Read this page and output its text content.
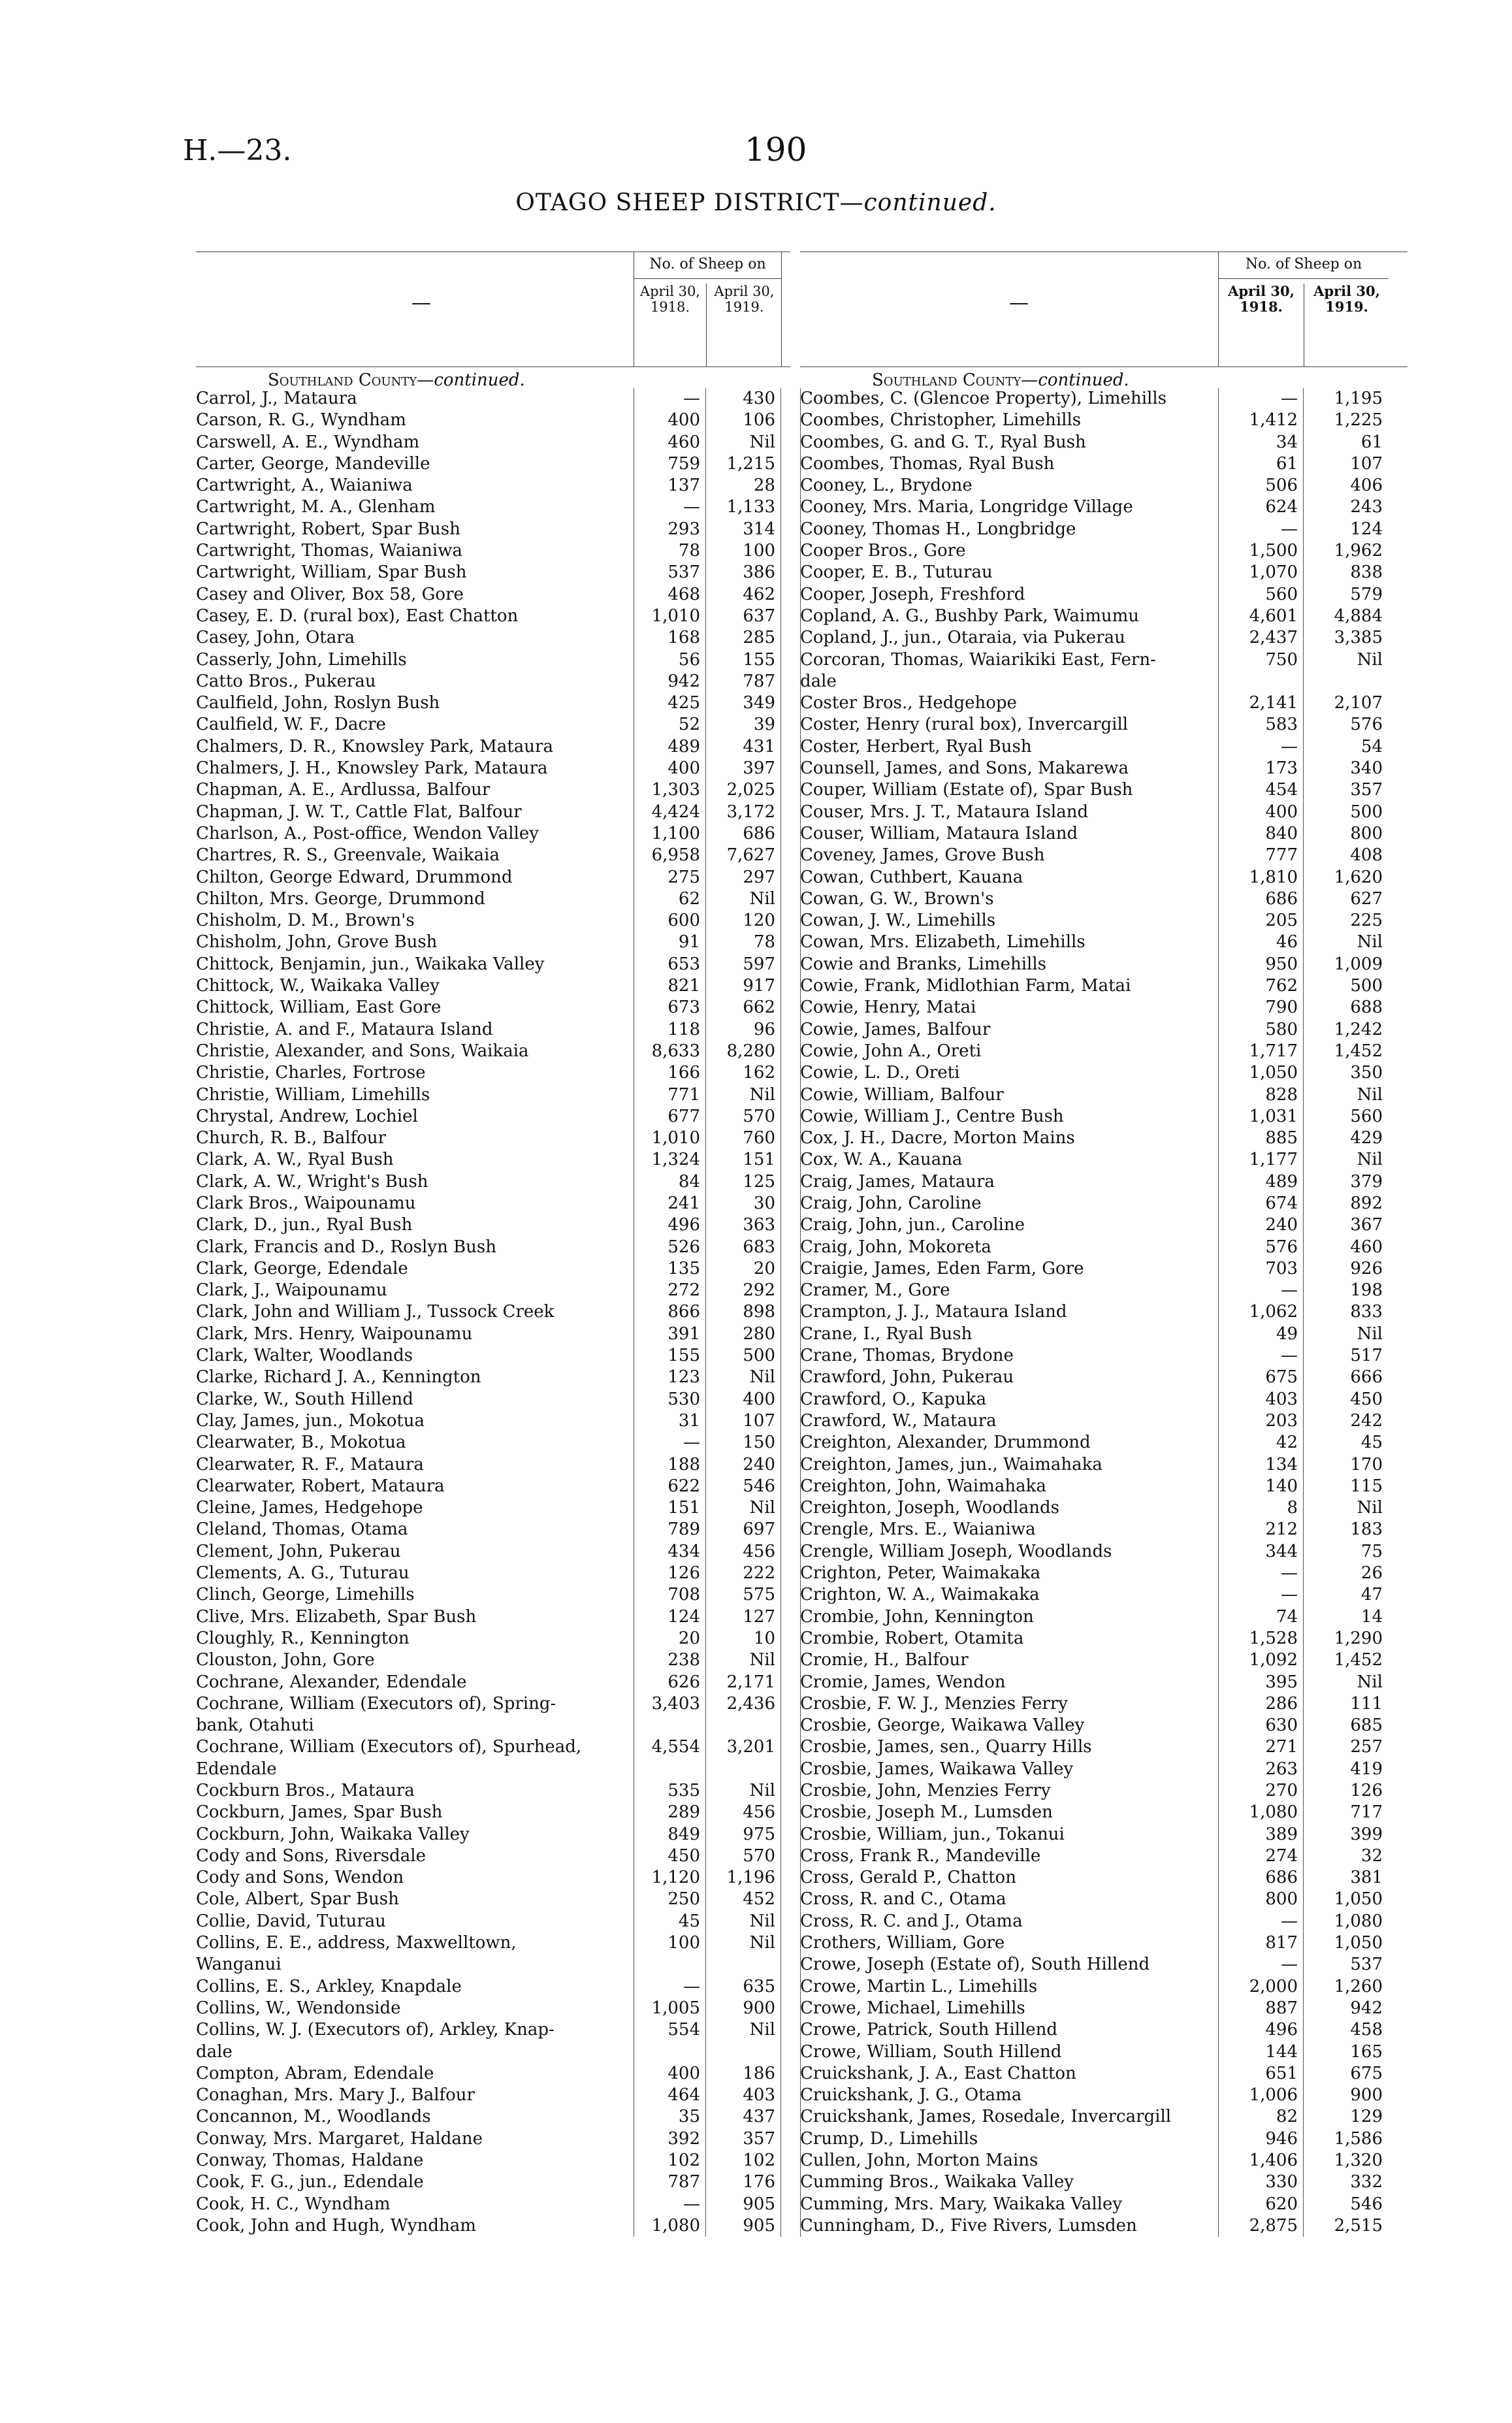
H.—23.	190
OTAGO SHEEP DISTRICT—continued.
—
No. of Sheep on
April 30, 1918.
April 30, 1919.
Southland County—continued.
Carrol, J., Mataura	—	430
Carson, R. G., Wyndham	400	106
Carswell, A. E., Wyndham	460	Nil
Carter, George, Mandeville	759	1,215
Cartwright, A., Waianiwa	137	28
Cartwright, M. A., Glenham	—	1,133
Cartwright, Robert, Spar Bush	293	314
Cartwright, Thomas, Waianiwa	78	100
Cartwright, William, Spar Bush	537	386
Casey and Oliver, Box 58, Gore	468	462
Casey, E. D. (rural box), East Chatton	1,010	637
Casey, John, Otara	168	285
Casserly, John, Limehills	56	155
Catto Bros., Pukerau	942	787
Caulfield, John, Roslyn Bush	425	349
Caulfield, W. F., Dacre	52	39
Chalmers, D. R., Knowsley Park, Mataura	489	431
Chalmers, J. H., Knowsley Park, Mataura	400	397
Chapman, A. E., Ardlussa, Balfour	1,303	2,025
Chapman, J. W. T., Cattle Flat, Balfour	4,424	3,172
Charlson, A., Post-office, Wendon Valley	1,100	686
Chartres, R. S., Greenvale, Waikaia	6,958	7,627
Chilton, George Edward, Drummond	275	297
Chilton, Mrs. George, Drummond	62	Nil
Chisholm, D. M., Brown's	600	120
Chisholm, John, Grove Bush	91	78
Chittock, Benjamin, jun., Waikaka Valley	653	597
Chittock, W., Waikaka Valley	821	917
Chittock, William, East Gore	673	662
Christie, A. and F., Mataura Island	118	96
Christie, Alexander, and Sons, Waikaia	8,633	8,280
Christie, Charles, Fortrose	166	162
Christie, William, Limehills	771	Nil
Chrystal, Andrew, Lochiel	677	570
Church, R. B., Balfour	1,010	760
Clark, A. W., Ryal Bush	1,324	151
Clark, A. W., Wright's Bush	84	125
Clark Bros., Waipounamu	241	30
Clark, D., jun., Ryal Bush	496	363
Clark, Francis and D., Roslyn Bush	526	683
Clark, George, Edendale	135	20
Clark, J., Waipounamu	272	292
Clark, John and William J., Tussock Creek	866	898
Clark, Mrs. Henry, Waipounamu	391	280
Clark, Walter, Woodlands	155	500
Clarke, Richard J. A., Kennington	123	Nil
Clarke, W., South Hillend	530	400
Clay, James, jun., Mokotua	31	107
Clearwater, B., Mokotua	—	150
Clearwater, R. F., Mataura	188	240
Clearwater, Robert, Mataura	622	546
Cleine, James, Hedgehope	151	Nil
Cleland, Thomas, Otama	789	697
Clement, John, Pukerau	434	456
Clements, A. G., Tuturau	126	222
Clinch, George, Limehills	708	575
Clive, Mrs. Elizabeth, Spar Bush	124	127
Cloughly, R., Kennington	20	10
Clouston, John, Gore	238	Nil
Cochrane, Alexander, Edendale	626	2,171
Cochrane, William (Executors of), Spring-	3,403	2,436
bank, Otahuti
Cochrane, William (Executors of), Spurhead,	4,554	3,201
Edendale
Cockburn Bros., Mataura	535	Nil
Cockburn, James, Spar Bush	289	456
Cockburn, John, Waikaka Valley	849	975
Cody and Sons, Riversdale	450	570
Cody and Sons, Wendon	1,120	1,196
Cole, Albert, Spar Bush	250	452
Collie, David, Tuturau	45	Nil
Collins, E. E., address, Maxwelltown,	100	Nil
Wanganui
Collins, E. S., Arkley, Knapdale	—	635
Collins, W., Wendonside	1,005	900
Collins, W. J. (Executors of), Arkley, Knap-	554	Nil
dale
Compton, Abram, Edendale	400	186
Conaghan, Mrs. Mary J., Balfour	464	403
Concannon, M., Woodlands	35	437
Conway, Mrs. Margaret, Haldane	392	357
Conway, Thomas, Haldane	102	102
Cook, F. G., jun., Edendale	787	176
Cook, H. C., Wyndham	—	905
Cook, John and Hugh, Wyndham	1,080	905
—
No. of Sheep on
April 30, 1918.
April 30, 1919.
Southland County—continued.
Coombes, C. (Glencoe Property), Limehills	—	1,195
Coombes, Christopher, Limehills	1,412	1,225
Coombes, G. and G. T., Ryal Bush	34	61
Coombes, Thomas, Ryal Bush	61	107
Cooney, L., Brydone	506	406
Cooney, Mrs. Maria, Longridge Village	624	243
Cooney, Thomas H., Longbridge	—	124
Cooper Bros., Gore	1,500	1,962
Cooper, E. B., Tuturau	1,070	838
Cooper, Joseph, Freshford	560	579
Copland, A. G., Bushby Park, Waimumu	4,601	4,884
Copland, J., jun., Otaraia, via Pukerau	2,437	3,385
Corcoran, Thomas, Waiarikiki East, Fern-	750	Nil
dale
Coster Bros., Hedgehope	2,141	2,107
Coster, Henry (rural box), Invercargill	583	576
Coster, Herbert, Ryal Bush	—	54
Counsell, James, and Sons, Makarewa	173	340
Couper, William (Estate of), Spar Bush	454	357
Couser, Mrs. J. T., Mataura Island	400	500
Couser, William, Mataura Island	840	800
Coveney, James, Grove Bush	777	408
Cowan, Cuthbert, Kauana	1,810	1,620
Cowan, G. W., Brown's	686	627
Cowan, J. W., Limehills	205	225
Cowan, Mrs. Elizabeth, Limehills	46	Nil
Cowie and Branks, Limehills	950	1,009
Cowie, Frank, Midlothian Farm, Matai	762	500
Cowie, Henry, Matai	790	688
Cowie, James, Balfour	580	1,242
Cowie, John A., Oreti	1,717	1,452
Cowie, L. D., Oreti	1,050	350
Cowie, William, Balfour	828	Nil
Cowie, William J., Centre Bush	1,031	560
Cox, J. H., Dacre, Morton Mains	885	429
Cox, W. A., Kauana	1,177	Nil
Craig, James, Mataura	489	379
Craig, John, Caroline	674	892
Craig, John, jun., Caroline	240	367
Craig, John, Mokoreta	576	460
Craigie, James, Eden Farm, Gore	703	926
Cramer, M., Gore	—	198
Crampton, J. J., Mataura Island	1,062	833
Crane, I., Ryal Bush	49	Nil
Crane, Thomas, Brydone	—	517
Crawford, John, Pukerau	675	666
Crawford, O., Kapuka	403	450
Crawford, W., Mataura	203	242
Creighton, Alexander, Drummond	42	45
Creighton, James, jun., Waimahaka	134	170
Creighton, John, Waimahaka	140	115
Creighton, Joseph, Woodlands	8	Nil
Crengle, Mrs. E., Waianiwa	212	183
Crengle, William Joseph, Woodlands	344	75
Crighton, Peter, Waimakaka	—	26
Crighton, W. A., Waimakaka	—	47
Crombie, John, Kennington	74	14
Crombie, Robert, Otamita	1,528	1,290
Cromie, H., Balfour	1,092	1,452
Cromie, James, Wendon	395	Nil
Crosbie, F. W. J., Menzies Ferry	286	111
Crosbie, George, Waikawa Valley	630	685
Crosbie, James, sen., Quarry Hills	271	257
Crosbie, James, Waikawa Valley	263	419
Crosbie, John, Menzies Ferry	270	126
Crosbie, Joseph M., Lumsden	1,080	717
Crosbie, William, jun., Tokanui	389	399
Cross, Frank R., Mandeville	274	32
Cross, Gerald P., Chatton	686	381
Cross, R. and C., Otama	800	1,050
Cross, R. C. and J., Otama	—	1,080
Crothers, William, Gore	817	1,050
Crowe, Joseph (Estate of), South Hillend	—	537
Crowe, Martin L., Limehills	2,000	1,260
Crowe, Michael, Limehills	887	942
Crowe, Patrick, South Hillend	496	458
Crowe, William, South Hillend	144	165
Cruickshank, J. A., East Chatton	651	675
Cruickshank, J. G., Otama	1,006	900
Cruickshank, James, Rosedale, Invercargill	82	129
Crump, D., Limehills	946	1,586
Cullen, John, Morton Mains	1,406	1,320
Cumming Bros., Waikaka Valley	330	332
Cumming, Mrs. Mary, Waikaka Valley	620	546
Cunningham, D., Five Rivers, Lumsden	2,875	2,515
